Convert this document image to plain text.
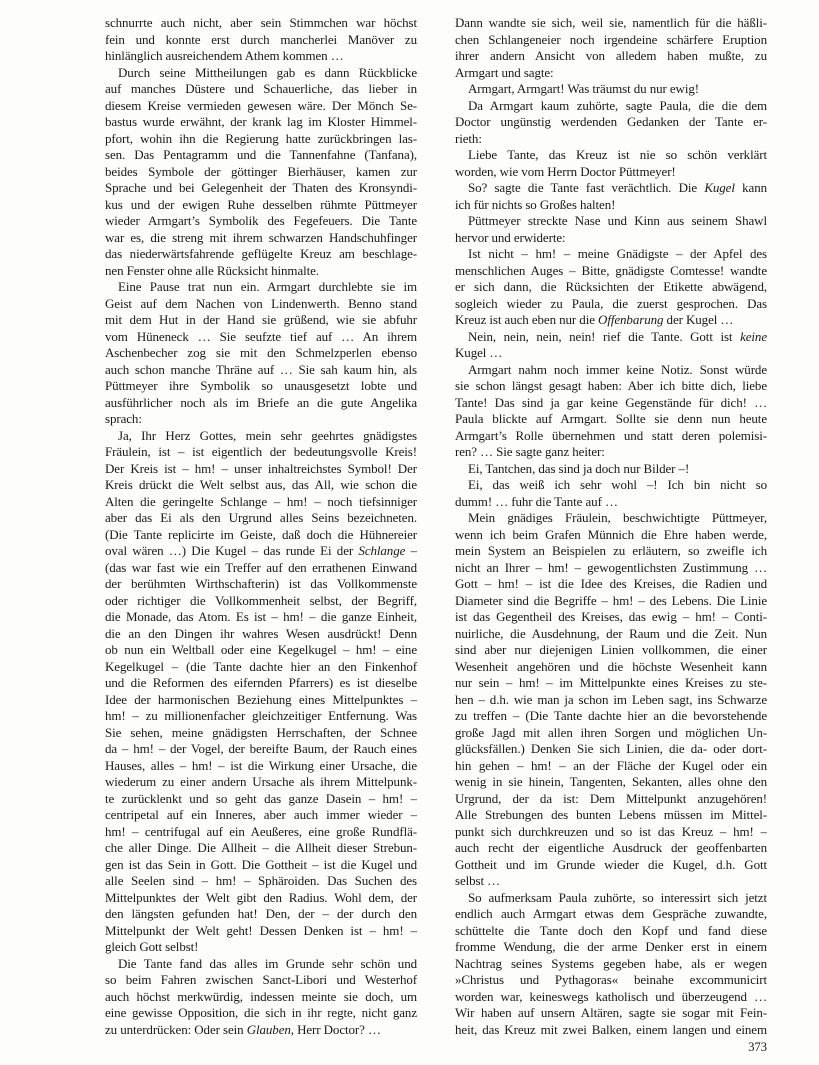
schnurrte auch nicht, aber sein Stimmchen war höchst
fein und konnte erst durch mancherlei Manöver zu
hinlänglich ausreichendem Athem kommen …
Durch seine Mittheilungen gab es dann Rückblicke
auf manches Düstere und Schauerliche, das lieber in
diesem Kreise vermieden gewesen wäre. Der Mönch Se-
bastus wurde erwähnt, der krank lag im Kloster Himmel-
pfort, wohin ihn die Regierung hatte zurückbringen las-
sen. Das Pentagramm und die Tannenfahne (Tanfana),
beides Symbole der göttinger Bierhäuser, kamen zur
Sprache und bei Gelegenheit der Thaten des Kronsyndi-
kus und der ewigen Ruhe desselben rühmte Püttmeyer
wieder Armgart’s Symbolik des Fegefeuers. Die Tante
war es, die streng mit ihrem schwarzen Handschuhfinger
das niederwärtsfahrende geflügelte Kreuz am beschlage-
nen Fenster ohne alle Rücksicht hinmalte.
Eine Pause trat nun ein. Armgart durchlebte sie im
Geist auf dem Nachen von Lindenwerth. Benno stand
mit dem Hut in der Hand sie grüßend, wie sie abfuhr
vom Hüneneck … Sie seufzte tief auf … An ihrem
Aschenbecher zog sie mit den Schmelzperlen ebenso
auch schon manche Thräne auf … Sie sah kaum hin, als
Püttmeyer ihre Symbolik so unausgesetzt lobte und
ausführlicher noch als im Briefe an die gute Angelika
sprach:
Ja, Ihr Herz Gottes, mein sehr geehrtes gnädigstes
Fräulein, ist – ist eigentlich der bedeutungsvolle Kreis!
Der Kreis ist – hm! – unser inhaltreichstes Symbol! Der
Kreis drückt die Welt selbst aus, das All, wie schon die
Alten die geringelte Schlange – hm! – noch tiefsinniger
aber das Ei als den Urgrund alles Seins bezeichneten.
(Die Tante replicirte im Geiste, daß doch die Hühnereier
oval wären …) Die Kugel – das runde Ei der Schlange –
(das war fast wie ein Treffer auf den errathenen Einwand
der berühmten Wirthschafterin) ist das Vollkommenste
oder richtiger die Vollkommenheit selbst, der Begriff,
die Monade, das Atom. Es ist – hm! – die ganze Einheit,
die an den Dingen ihr wahres Wesen ausdrückt! Denn
ob nun ein Weltball oder eine Kegelkugel – hm! – eine
Kegelkugel – (die Tante dachte hier an den Finkenhof
und die Reformen des eifernden Pfarrers) es ist dieselbe
Idee der harmonischen Beziehung eines Mittelpunktes –
hm! – zu millionenfacher gleichzeitiger Entfernung. Was
Sie sehen, meine gnädigsten Herrschaften, der Schnee
da – hm! – der Vogel, der bereifte Baum, der Rauch eines
Hauses, alles – hm! – ist die Wirkung einer Ursache, die
wiederum zu einer andern Ursache als ihrem Mittelpunk-
te zurücklenkt und so geht das ganze Dasein – hm! –
centripetal auf ein Inneres, aber auch immer wieder –
hm! – centrifugal auf ein Aeußeres, eine große Rundflä-
che aller Dinge. Die Allheit – die Allheit dieser Strebun-
gen ist das Sein in Gott. Die Gottheit – ist die Kugel und
alle Seelen sind – hm! – Sphäroiden. Das Suchen des
Mittelpunktes der Welt gibt den Radius. Wohl dem, der
den längsten gefunden hat! Den, der – der durch den
Mittelpunkt der Welt geht! Dessen Denken ist – hm! –
gleich Gott selbst!
Die Tante fand das alles im Grunde sehr schön und
so beim Fahren zwischen Sanct-Libori und Westerhof
auch höchst merkwürdig, indessen meinte sie doch, um
eine gewisse Opposition, die sich in ihr regte, nicht ganz
zu unterdrücken: Oder sein Glauben, Herr Doctor? …
Dann wandte sie sich, weil sie, namentlich für die häßli-
chen Schlangeneier noch irgendeine schärfere Eruption
ihrer andern Ansicht von alledem haben mußte, zu
Armgart und sagte:
Armgart, Armgart! Was träumst du nur ewig!
Da Armgart kaum zuhörte, sagte Paula, die die dem
Doctor ungünstig werdenden Gedanken der Tante er-
rieth:
Liebe Tante, das Kreuz ist nie so schön verklärt
worden, wie vom Herrn Doctor Püttmeyer!
So? sagte die Tante fast verächtlich. Die Kugel kann
ich für nichts so Großes halten!
Püttmeyer streckte Nase und Kinn aus seinem Shawl
hervor und erwiderte:
Ist nicht – hm! – meine Gnädigste – der Apfel des
menschlichen Auges – Bitte, gnädigste Comtesse! wandte
er sich dann, die Rücksichten der Etikette abwägend,
sogleich wieder zu Paula, die zuerst gesprochen. Das
Kreuz ist auch eben nur die Offenbarung der Kugel …
Nein, nein, nein, nein! rief die Tante. Gott ist keine
Kugel …
Armgart nahm noch immer keine Notiz. Sonst würde
sie schon längst gesagt haben: Aber ich bitte dich, liebe
Tante! Das sind ja gar keine Gegenstände für dich! …
Paula blickte auf Armgart. Sollte sie denn nun heute
Armgart’s Rolle übernehmen und statt deren polemisi-
ren? … Sie sagte ganz heiter:
Ei, Tantchen, das sind ja doch nur Bilder –!
Ei, das weiß ich sehr wohl –! Ich bin nicht so
dumm! … fuhr die Tante auf …
Mein gnädiges Fräulein, beschwichtigte Püttmeyer,
wenn ich beim Grafen Münnich die Ehre haben werde,
mein System an Beispielen zu erläutern, so zweifle ich
nicht an Ihrer – hm! – gewogentlichsten Zustimmung …
Gott – hm! – ist die Idee des Kreises, die Radien und
Diameter sind die Begriffe – hm! – des Lebens. Die Linie
ist das Gegentheil des Kreises, das ewig – hm! – Conti-
nuirliche, die Ausdehnung, der Raum und die Zeit. Nun
sind aber nur diejenigen Linien vollkommen, die einer
Wesenheit angehören und die höchste Wesenheit kann
nur sein – hm! – im Mittelpunkte eines Kreises zu ste-
hen – d.h. wie man ja schon im Leben sagt, ins Schwarze
zu treffen – (Die Tante dachte hier an die bevorstehende
große Jagd mit allen ihren Sorgen und möglichen Un-
glücksfällen.) Denken Sie sich Linien, die da- oder dort-
hin gehen – hm! – an der Fläche der Kugel oder ein
wenig in sie hinein, Tangenten, Sekanten, alles ohne den
Urgrund, der da ist: Dem Mittelpunkt anzugehören!
Alle Strebungen des bunten Lebens müssen im Mittel-
punkt sich durchkreuzen und so ist das Kreuz – hm! –
auch recht der eigentliche Ausdruck der geoffenbarten
Gottheit und im Grunde wieder die Kugel, d.h. Gott
selbst …
So aufmerksam Paula zuhörte, so interessirt sich jetzt
endlich auch Armgart etwas dem Gespräche zuwandte,
schüttelte die Tante doch den Kopf und fand diese
fromme Wendung, die der arme Denker erst in einem
Nachtrag seines Systems gegeben habe, als er wegen
»Christus und Pythagoras« beinahe excommunicirt
worden war, keineswegs katholisch und überzeugend …
Wir haben auf unsern Altären, sagte sie sogar mit Fein-
heit, das Kreuz mit zwei Balken, einem langen und einem
373
